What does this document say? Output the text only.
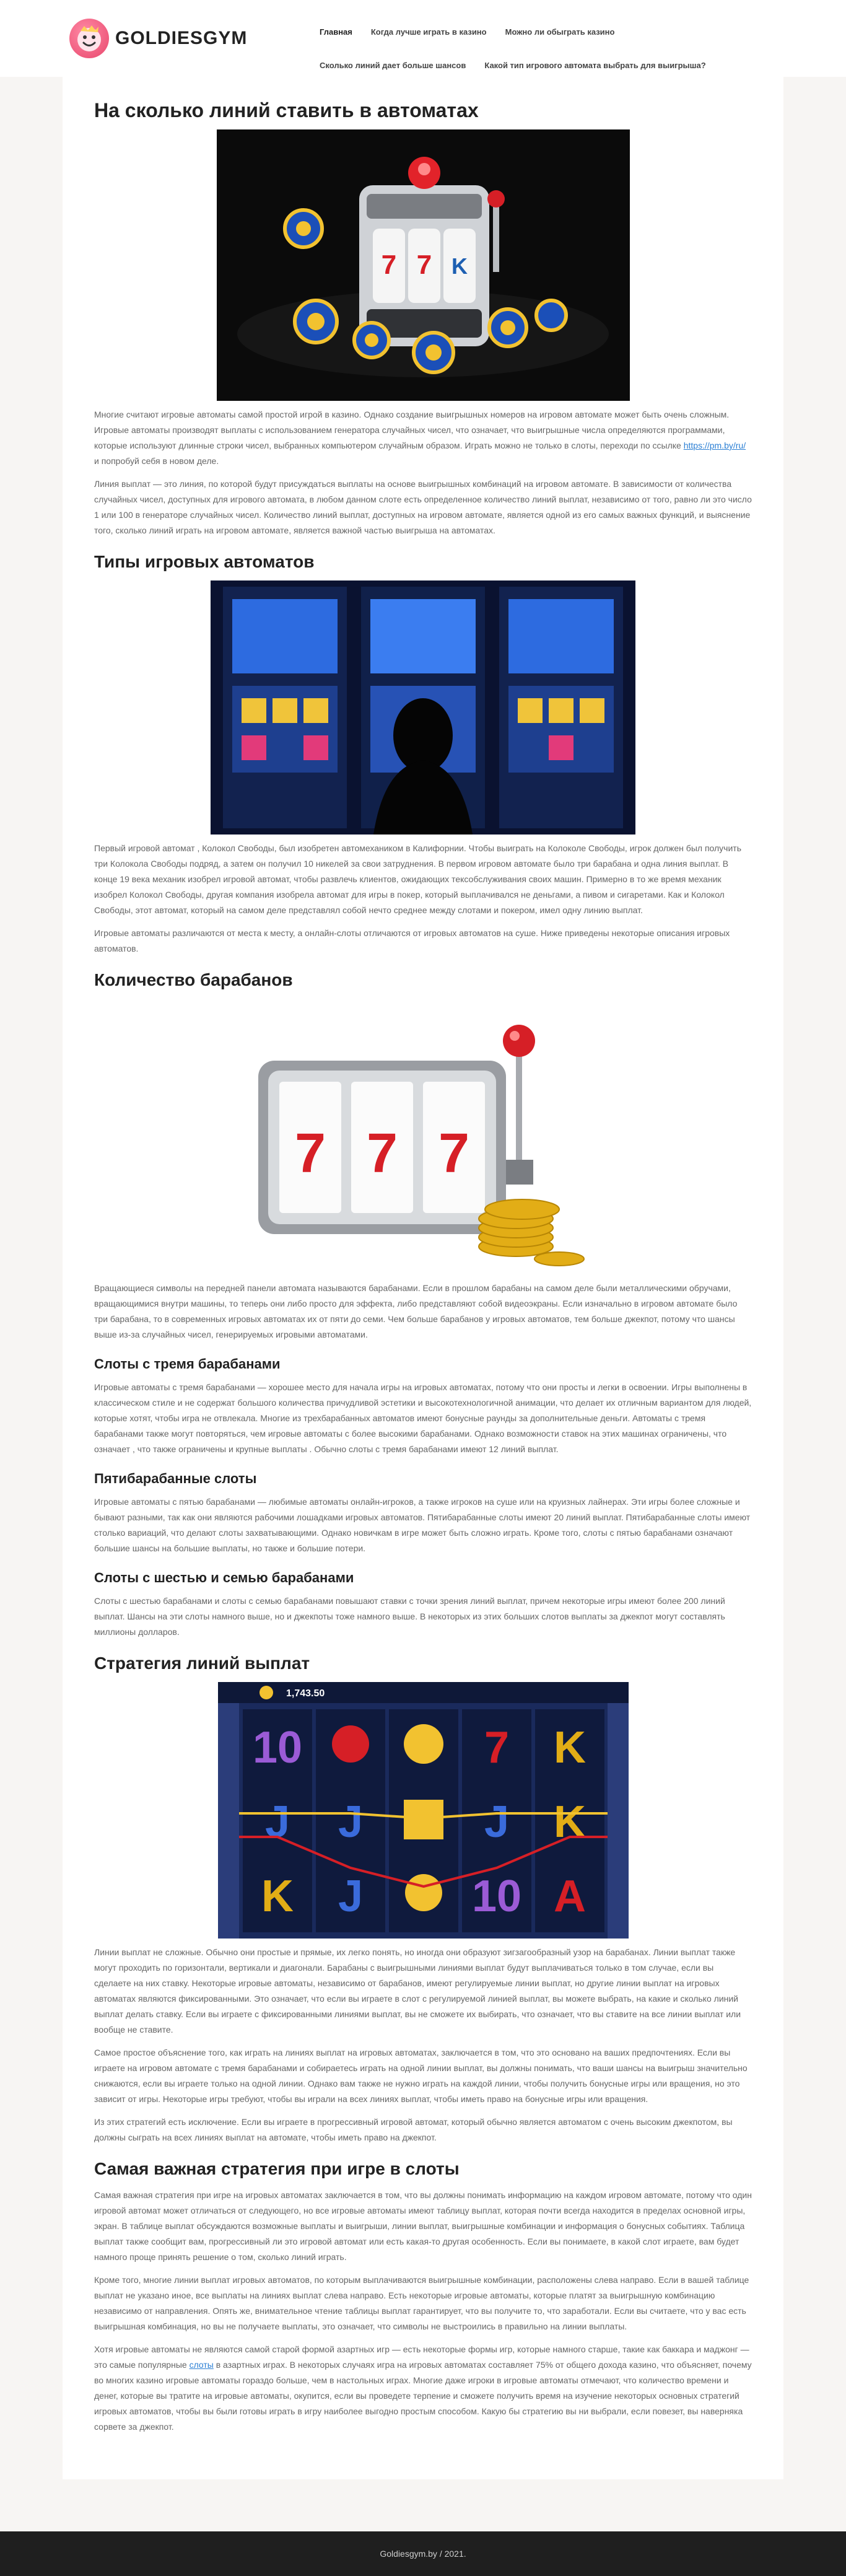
GOLDIESGYM	Главная Когда лучше играть в казино Можно ли обыграть казино
Сколько линий дает больше шансов Какой тип игрового автомата выбрать для выигрыша?
На сколько линий ставить в автоматах
7 7 K

Многие считают игровые автоматы самой простой игрой в казино. Однако создание выигрышных номеров на игровом автомате может быть очень сложным. Игровые автоматы производят выплаты с использованием генератора случайных чисел, что означает, что выигрышные числа определяются программами, которые используют длинные строки чисел, выбранных компьютером случайным образом. Играть можно не только в слоты, переходи по ссылке https://pm.by/ru/ и попробуй себя в новом деле.

Линия выплат — это линия, по которой будут присуждаться выплаты на основе выигрышных комбинаций на игровом автомате. В зависимости от количества случайных чисел, доступных для игрового автомата, в любом данном слоте есть определенное количество линий выплат, независимо от того, равно ли это число 1 или 100 в генераторе случайных чисел. Количество линий выплат, доступных на игровом автомате, является одной из его самых важных функций, и выяснение того, сколько линий играть на игровом автомате, является важной частью выигрыша на автоматах.

Типы игровых автоматов

Первый игровой автомат , Колокол Свободы, был изобретен автомехаником в Калифорнии. Чтобы выиграть на Колоколе Свободы, игрок должен был получить три Колокола Свободы подряд, а затем он получил 10 никелей за свои затруднения. В первом игровом автомате было три барабана и одна линия выплат. В конце 19 века механик изобрел игровой автомат, чтобы развлечь клиентов, ожидающих тексобслуживания своих машин. Примерно в то же время механик изобрел Колокол Свободы, другая компания изобрела автомат для игры в покер, который выплачивался не деньгами, а пивом и сигаретами. Как и Колокол Свободы, этот автомат, который на самом деле представлял собой нечто среднее между слотами и покером, имел одну линию выплат.

Игровые автоматы различаются от места к месту, а онлайн-слоты отличаются от игровых автоматов на суше. Ниже приведены некоторые описания игровых автоматов.

Количество барабанов
7 7 7

Вращающиеся символы на передней панели автомата называются барабанами. Если в прошлом барабаны на самом деле были металлическими обручами, вращающимися внутри машины, то теперь они либо просто для эффекта, либо представляют собой видеоэкраны. Если изначально в игровом автомате было три барабана, то в современных игровых автоматах их от пяти до семи. Чем больше барабанов у игровых автоматов, тем больше джекпот, потому что шансы выше из-за случайных чисел, генерируемых игровыми автоматами.

Слоты с тремя барабанами

Игровые автоматы с тремя барабанами — хорошее место для начала игры на игровых автоматах, потому что они просты и легки в освоении. Игры выполнены в классическом стиле и не содержат большого количества причудливой эстетики и высокотехнологичной анимации, что делает их отличным вариантом для людей, которые хотят, чтобы игра не отвлекала. Многие из трехбарабанных автоматов имеют бонусные раунды за дополнительные деньги. Автоматы с тремя барабанами также могут повторяться, чем игровые автоматы с более высокими барабанами. Однако возможности ставок на этих машинах ограничены, что означает , что также ограничены и крупные выплаты . Обычно слоты с тремя барабанами имеют 12 линий выплат.

Пятибарабанные слоты

Игровые автоматы с пятью барабанами — любимые автоматы онлайн-игроков, а также игроков на суше или на круизных лайнерах. Эти игры более сложные и бывают разными, так как они являются рабочими лошадками игровых автоматов. Пятибарабанные слоты имеют 20 линий выплат. Пятибарабанные слоты имеют столько вариаций, что делают слоты захватывающими. Однако новичкам в игре может быть сложно играть. Кроме того, слоты с пятью барабанами означают большие шансы на большие выплаты, но также и большие потери.

Слоты с шестью и семью барабанами

Слоты с шестью барабанами и слоты с семью барабанами повышают ставки с точки зрения линий выплат, причем некоторые игры имеют более 200 линий выплат. Шансы на эти слоты намного выше, но и джекпоты тоже намного выше. В некоторых из этих больших слотов выплаты за джекпот могут составлять миллионы долларов.

Стратегия линий выплат
1,743.50
10
J
K
J
J
7
J
10
K
K
A

Линии выплат не сложные. Обычно они простые и прямые, их легко понять, но иногда они образуют зигзагообразный узор на барабанах. Линии выплат также могут проходить по горизонтали, вертикали и диагонали. Барабаны с выигрышными линиями выплат будут выплачиваться только в том случае, если вы сделаете на них ставку. Некоторые игровые автоматы, независимо от барабанов, имеют регулируемые линии выплат, но другие линии выплат на игровых автоматах являются фиксированными. Это означает, что если вы играете в слот с регулируемой линией выплат, вы можете выбрать, на какие и сколько линий выплат делать ставку. Если вы играете с фиксированными линиями выплат, вы не сможете их выбирать, что означает, что вы ставите на все линии выплат или вообще не ставите.

Самое простое объяснение того, как играть на линиях выплат на игровых автоматах, заключается в том, что это основано на ваших предпочтениях. Если вы играете на игровом автомате с тремя барабанами и собираетесь играть на одной линии выплат, вы должны понимать, что ваши шансы на выигрыш значительно снижаются, если вы играете только на одной линии. Однако вам также не нужно играть на каждой линии, чтобы получить бонусные игры или вращения, но это зависит от игры. Некоторые игры требуют, чтобы вы играли на всех линиях выплат, чтобы иметь право на бонусные игры или вращения.

Из этих стратегий есть исключение. Если вы играете в прогрессивный игровой автомат, который обычно является автоматом с очень высоким джекпотом, вы должны сыграть на всех линиях выплат на автомате, чтобы иметь право на джекпот.

Самая важная стратегия при игре в слоты

Самая важная стратегия при игре на игровых автоматах заключается в том, что вы должны понимать информацию на каждом игровом автомате, потому что один игровой автомат может отличаться от следующего, но все игровые автоматы имеют таблицу выплат, которая почти всегда находится в пределах основной игры, экран. В таблице выплат обсуждаются возможные выплаты и выигрыши, линии выплат, выигрышные комбинации и информация о бонусных событиях. Таблица выплат также сообщит вам, прогрессивный ли это игровой автомат или есть какая-то другая особенность. Если вы понимаете, в какой слот играете, вам будет намного проще принять решение о том, сколько линий играть.

Кроме того, многие линии выплат игровых автоматов, по которым выплачиваются выигрышные комбинации, расположены слева направо. Если в вашей таблице выплат не указано иное, все выплаты на линиях выплат слева направо. Есть некоторые игровые автоматы, которые платят за выигрышную комбинацию независимо от направления. Опять же, внимательное чтение таблицы выплат гарантирует, что вы получите то, что заработали. Если вы считаете, что у вас есть выигрышная комбинация, но вы не получаете выплаты, это означает, что символы не выстроились в правильно на линии выплаты.

Хотя игровые автоматы не являются самой старой формой азартных игр — есть некоторые формы игр, которые намного старше, такие как баккара и маджонг — это самые популярные слоты в азартных играх. В некоторых случаях игра на игровых автоматах составляет 75% от общего дохода казино, что объясняет, почему во многих казино игровые автоматы гораздо больше, чем в настольных играх. Многие даже игроки в игровые автоматы отмечают, что количество времени и денег, которые вы тратите на игровые автоматы, окупится, если вы проведете терпение и сможете получить время на изучение некоторых основных стратегий игровых автоматов, чтобы вы были готовы играть в игру наиболее выгодно простым способом. Какую бы стратегию вы ни выбрали, если повезет, вы наверняка сорвете за джекпот.

Goldiesgym.by / 2021.
